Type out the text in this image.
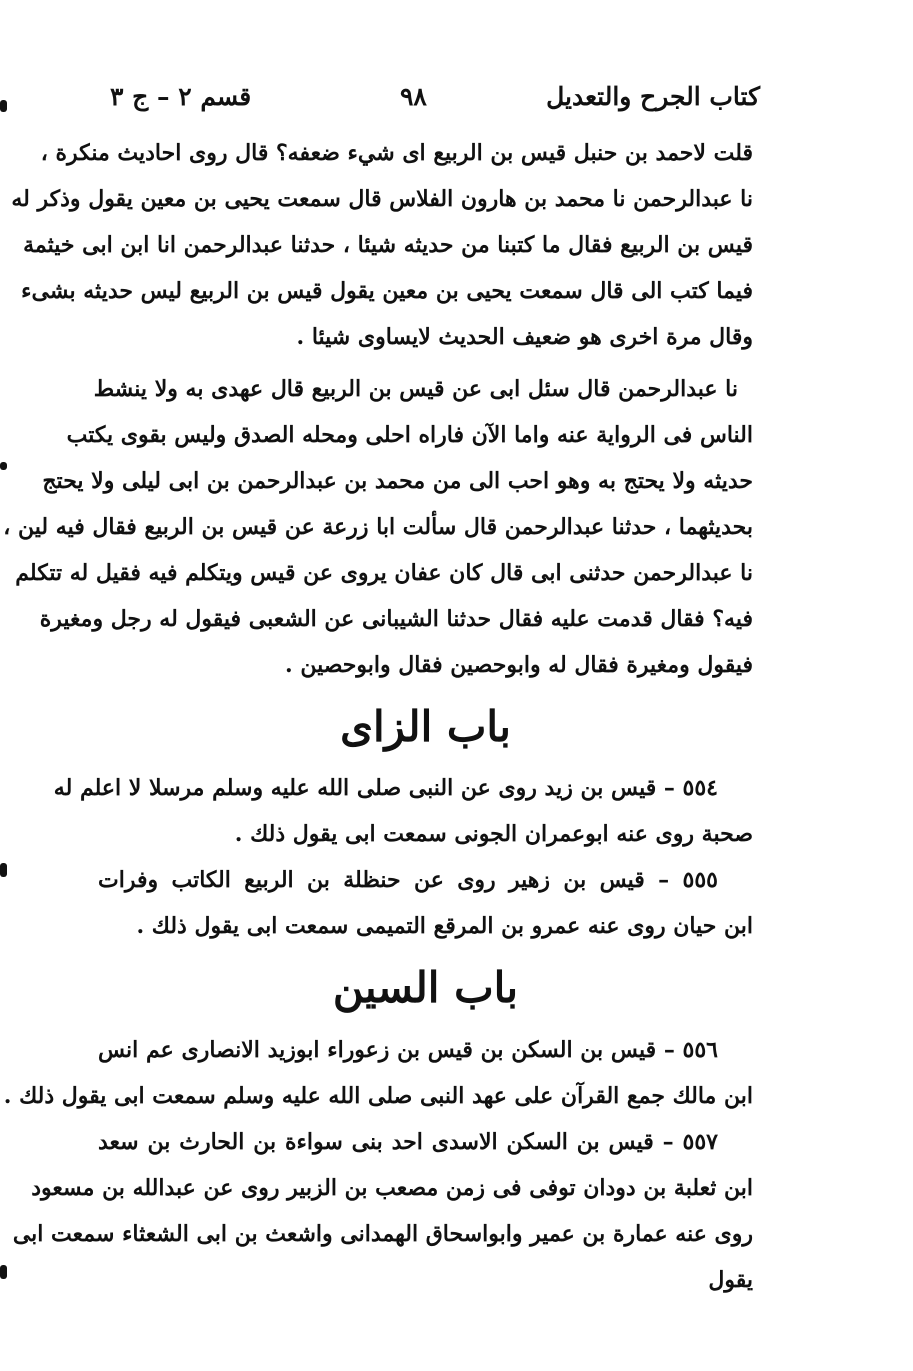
كتاب الجرح والتعديل
٩٨
قسم ٢ – ج ٣
قلت لاحمد بن حنبل قيس بن الربيع اى شيء ضعفه؟ قال روى احاديث منكرة ،
نا عبدالرحمن نا محمد بن هارون الفلاس قال سمعت يحيى بن معين يقول وذكر له
قيس بن الربيع فقال ما كتبنا من حديثه شيئا ، حدثنا عبدالرحمن انا ابن ابى خيثمة
فيما كتب الى قال سمعت يحيى بن معين يقول قيس بن الربيع ليس حديثه بشىء
وقال مرة اخرى هو ضعيف الحديث لايساوى شيئا .
نا عبدالرحمن قال سئل ابى عن قيس بن الربيع قال عهدى به ولا ينشط
الناس فى الرواية عنه واما الآن فاراه احلى ومحله الصدق وليس بقوى يكتب
حديثه ولا يحتج به وهو احب الى من محمد بن عبدالرحمن بن ابى ليلى ولا يحتج
بحديثهما ، حدثنا عبدالرحمن قال سألت ابا زرعة عن قيس بن الربيع فقال فيه لين ،
نا عبدالرحمن حدثنى ابى قال كان عفان يروى عن قيس ويتكلم فيه فقيل له تتكلم
فيه؟ فقال قدمت عليه فقال حدثنا الشيبانى عن الشعبى فيقول له رجل ومغيرة
فيقول ومغيرة فقال له وابوحصين فقال وابوحصين .
باب الزاى
٥٥٤ – قيس بن زيد روى عن النبى صلى الله عليه وسلم مرسلا لا اعلم له
صحبة روى عنه ابوعمران الجونى سمعت ابى يقول ذلك .
٥٥٥ – قيس بن زهير روى عن حنظلة بن الربيع الكاتب وفرات
ابن حيان روى عنه عمرو بن المرقع التميمى سمعت ابى يقول ذلك .
باب السين
٥٥٦ – قيس بن السكن بن قيس بن زعوراء ابوزيد الانصارى عم انس
ابن مالك جمع القرآن على عهد النبى صلى الله عليه وسلم سمعت ابى يقول ذلك .
٥٥٧ – قيس بن السكن الاسدى احد بنى سواءة بن الحارث بن سعد
ابن ثعلبة بن دودان توفى فى زمن مصعب بن الزبير روى عن عبدالله بن مسعود
روى عنه عمارة بن عمير وابواسحاق الهمدانى واشعث بن ابى الشعثاء سمعت ابى
يقول
